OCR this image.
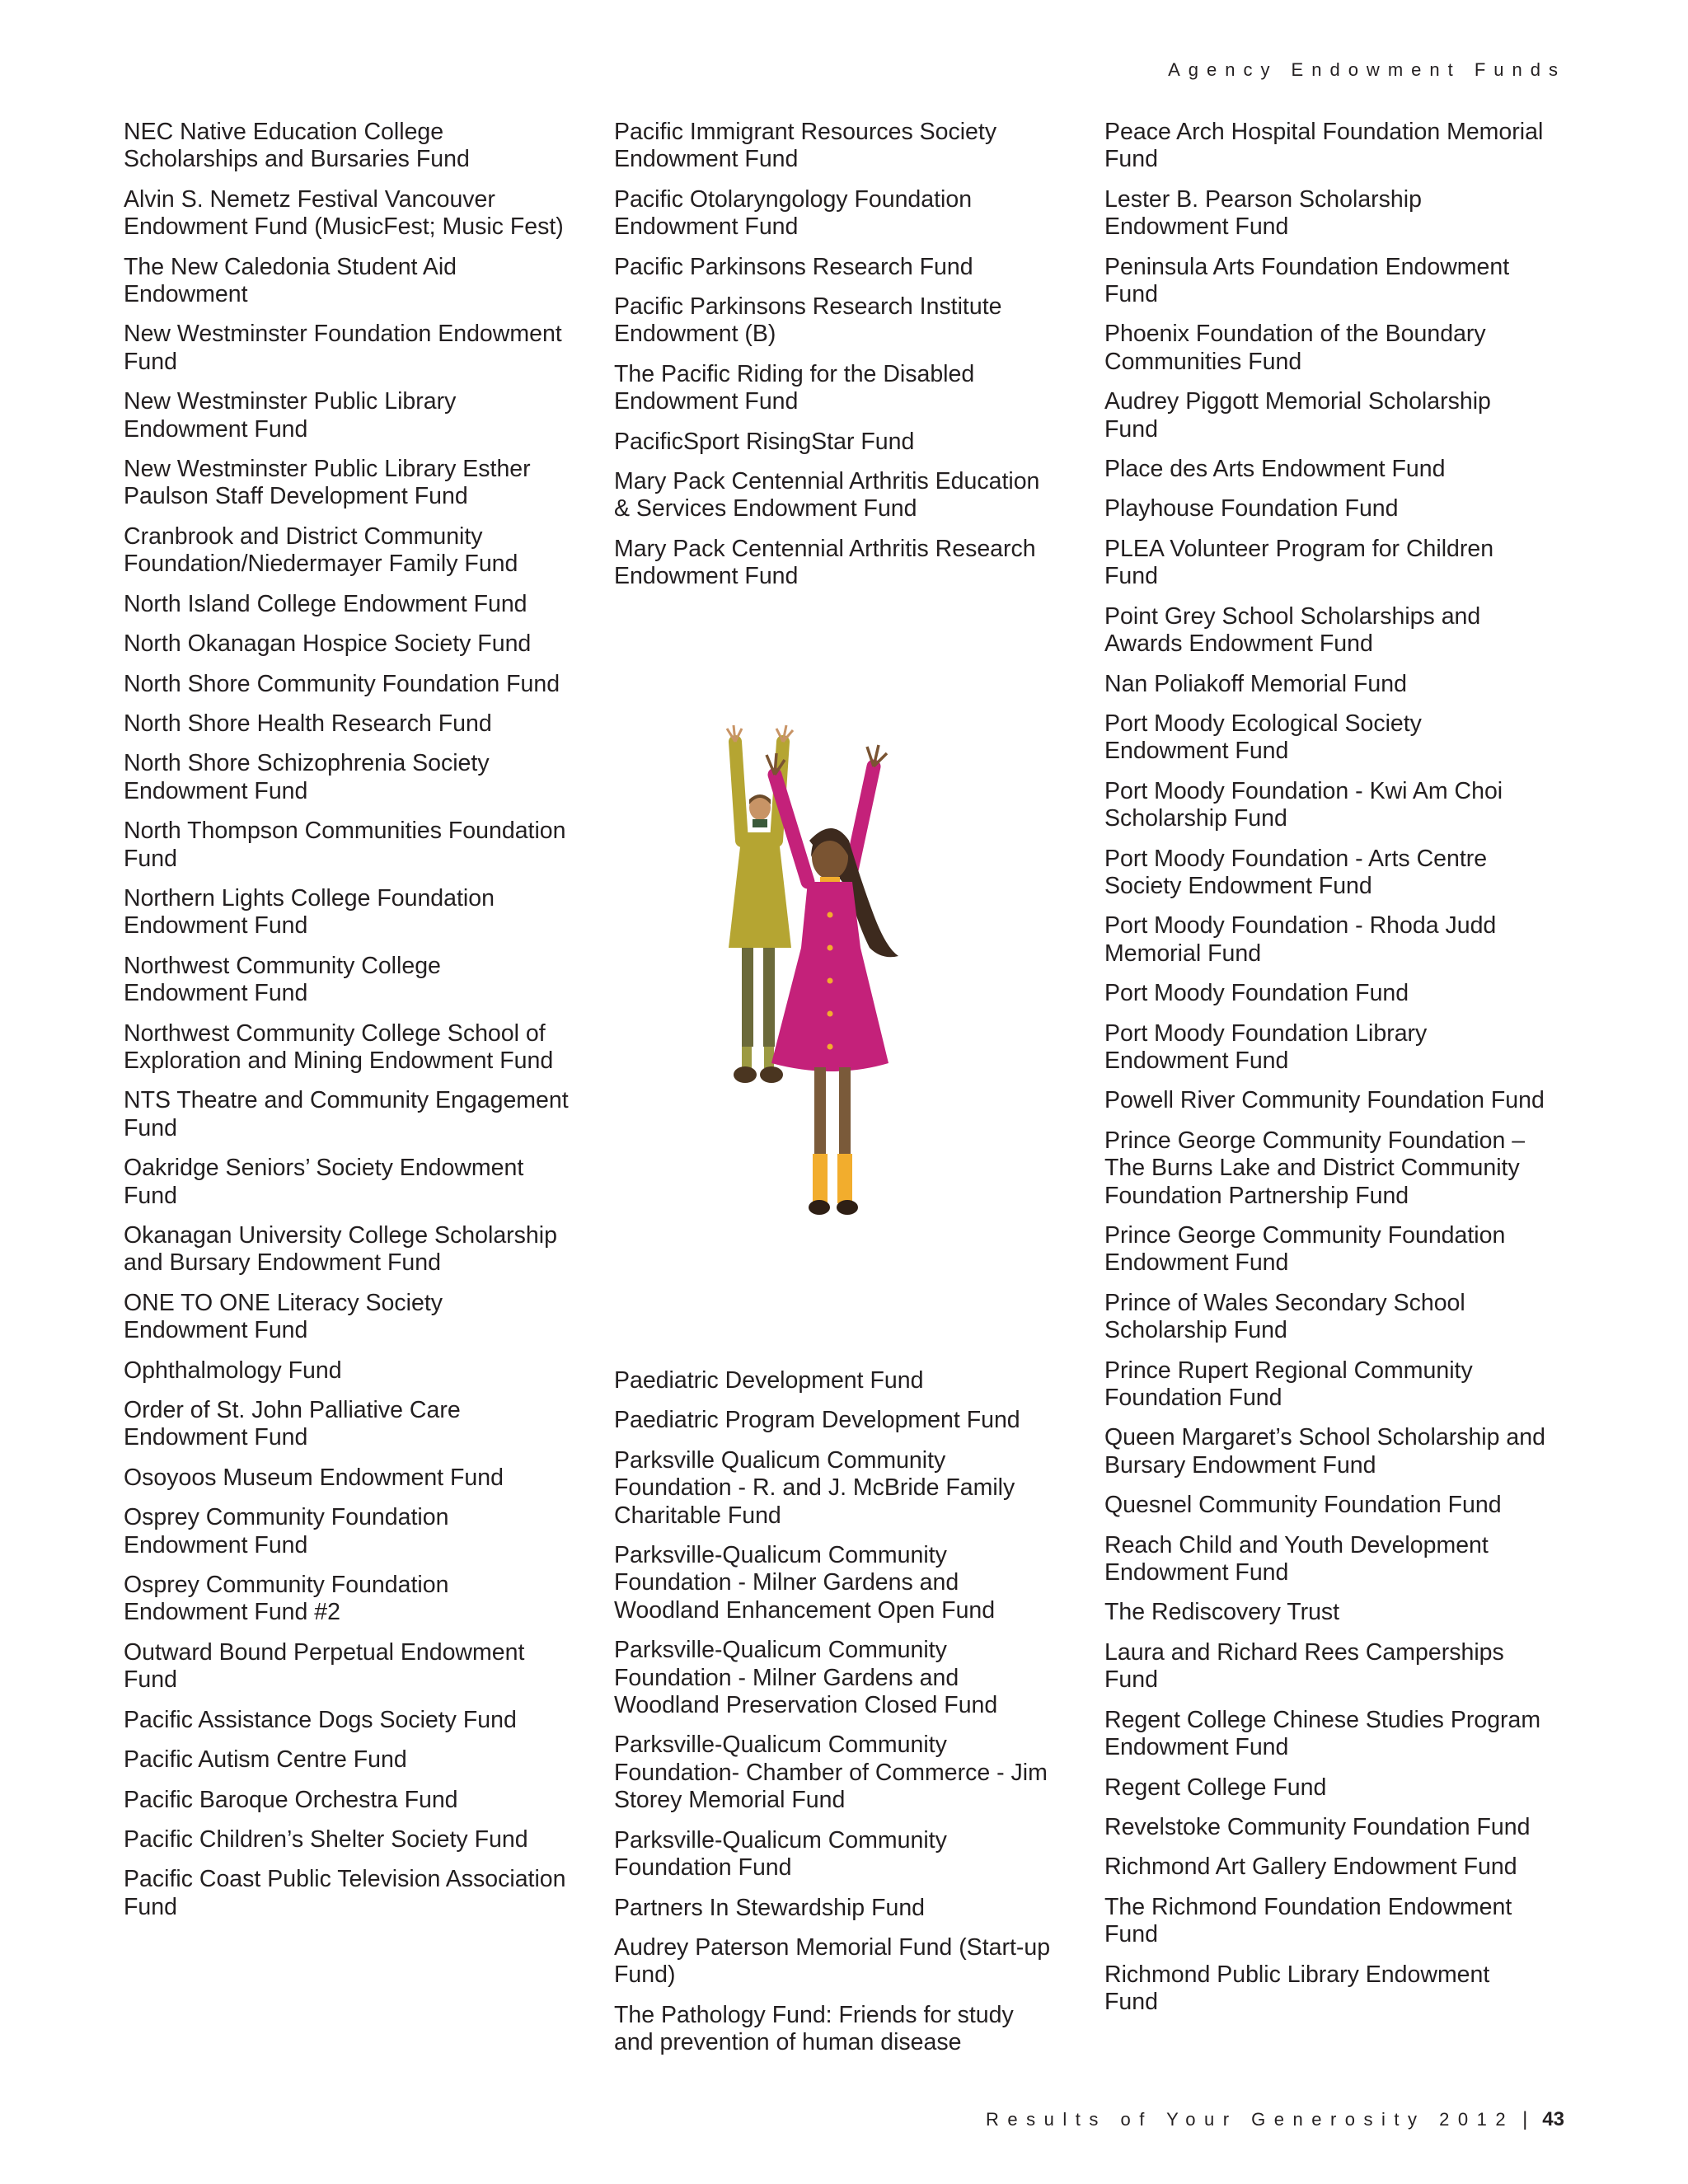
Agency Endowment Funds
NEC Native Education College Scholarships and Bursaries Fund
Alvin S. Nemetz Festival Vancouver Endowment Fund (MusicFest; Music Fest)
The New Caledonia Student Aid Endowment
New Westminster Foundation Endowment Fund
New Westminster Public Library Endowment Fund
New Westminster Public Library Esther Paulson Staff Development Fund
Cranbrook and District Community Foundation/Niedermayer Family Fund
North Island College Endowment Fund
North Okanagan Hospice Society Fund
North Shore Community Foundation Fund
North Shore Health Research Fund
North Shore Schizophrenia Society Endowment Fund
North Thompson Communities Foundation Fund
Northern Lights College Foundation Endowment Fund
Northwest Community College Endowment Fund
Northwest Community College School of Exploration and Mining Endowment Fund
NTS Theatre and Community Engagement Fund
Oakridge Seniors’ Society Endowment Fund
Okanagan University College Scholarship and Bursary Endowment Fund
ONE TO ONE Literacy Society Endowment Fund
Ophthalmology Fund
Order of St. John Palliative Care Endowment Fund
Osoyoos Museum Endowment Fund
Osprey Community Foundation Endowment Fund
Osprey Community Foundation Endowment Fund #2
Outward Bound Perpetual Endowment Fund
Pacific Assistance Dogs Society Fund
Pacific Autism Centre Fund
Pacific Baroque Orchestra Fund
Pacific Children’s Shelter Society Fund
Pacific Coast Public Television Association Fund
Pacific Immigrant Resources Society Endowment Fund
Pacific Otolaryngology Foundation Endowment Fund
Pacific Parkinsons Research Fund
Pacific Parkinsons Research Institute Endowment (B)
The Pacific Riding for the Disabled Endowment Fund
PacificSport RisingStar Fund
Mary Pack Centennial Arthritis Education & Services Endowment Fund
Mary Pack Centennial Arthritis Research Endowment Fund
Paediatric Development Fund
Paediatric Program Development Fund
Parksville Qualicum Community Foundation - R. and J. McBride Family Charitable Fund
Parksville-Qualicum Community Foundation - Milner Gardens and Woodland Enhancement Open Fund
Parksville-Qualicum Community Foundation - Milner Gardens and Woodland Preservation Closed Fund
Parksville-Qualicum Community Foundation- Chamber of Commerce - Jim Storey Memorial Fund
Parksville-Qualicum Community Foundation Fund
Partners In Stewardship Fund
Audrey Paterson Memorial Fund (Start-up Fund)
The Pathology Fund: Friends for study and prevention of human disease
Peace Arch Hospital Foundation Memorial Fund
Lester B. Pearson Scholarship Endowment Fund
Peninsula Arts Foundation Endowment Fund
Phoenix Foundation of the Boundary Communities Fund
Audrey Piggott Memorial Scholarship Fund
Place des Arts Endowment Fund
Playhouse Foundation Fund
PLEA Volunteer Program for Children Fund
Point Grey School Scholarships and Awards Endowment Fund
Nan Poliakoff Memorial Fund
Port Moody Ecological Society Endowment Fund
Port Moody Foundation - Kwi Am Choi Scholarship Fund
Port Moody Foundation - Arts Centre Society Endowment Fund
Port Moody Foundation - Rhoda Judd Memorial Fund
Port Moody Foundation Fund
Port Moody Foundation Library Endowment Fund
Powell River Community Foundation Fund
Prince George Community Foundation – The Burns Lake and District Community Foundation Partnership Fund
Prince George Community Foundation Endowment Fund
Prince of Wales Secondary School Scholarship Fund
Prince Rupert Regional Community Foundation Fund
Queen Margaret’s School Scholarship and Bursary Endowment Fund
Quesnel Community Foundation Fund
Reach Child and Youth Development Endowment Fund
The Rediscovery Trust
Laura and Richard Rees Camperships Fund
Regent College Chinese Studies Program Endowment Fund
Regent College Fund
Revelstoke Community Foundation Fund
Richmond Art Gallery Endowment Fund
The Richmond Foundation Endowment Fund
Richmond Public Library Endowment Fund
Results of Your Generosity 2012 | 43
